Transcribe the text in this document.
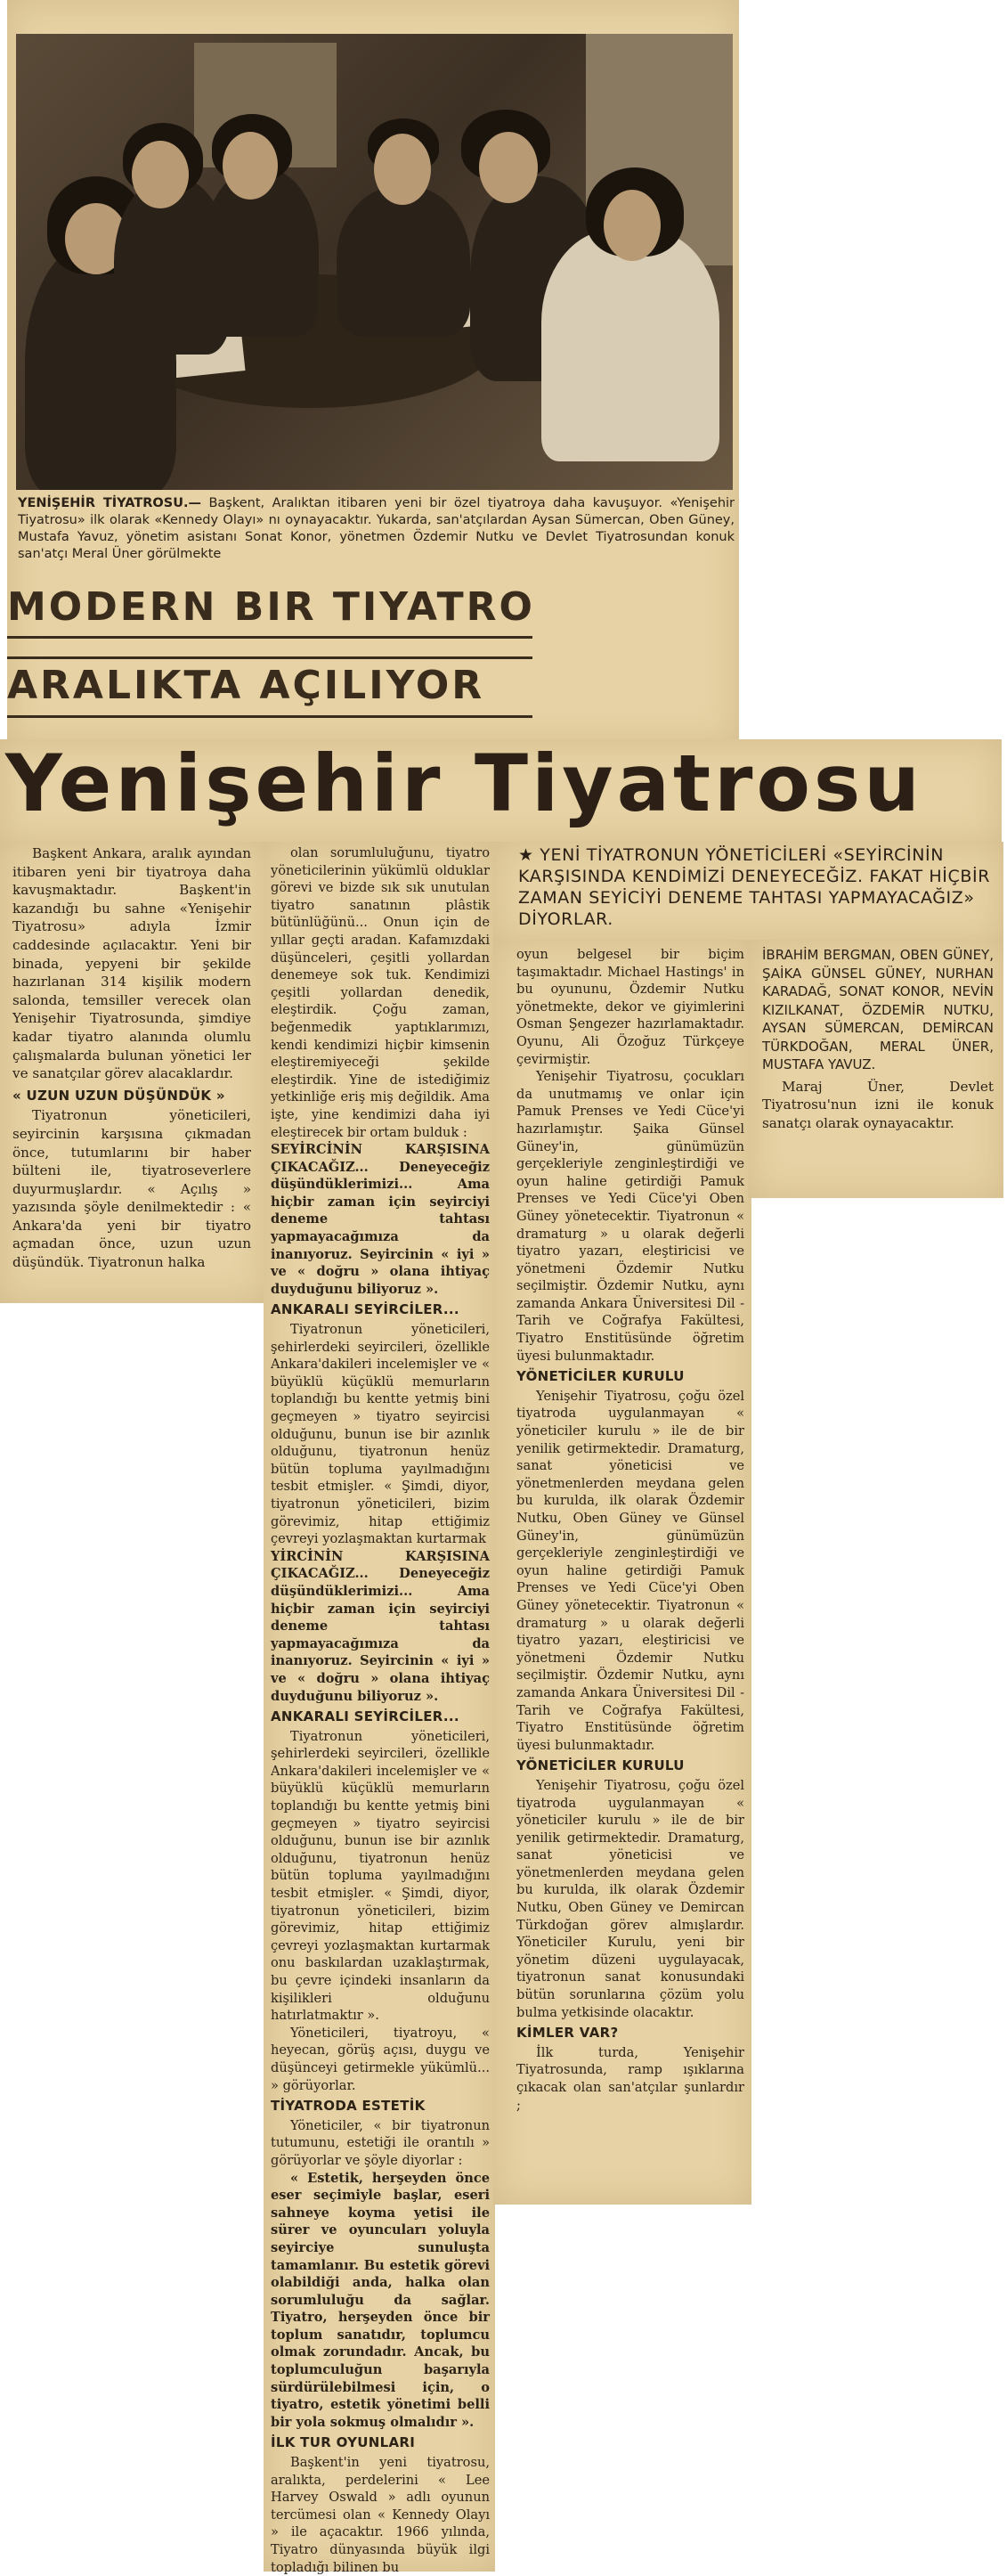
YENİŞEHİR TİYATROSU.— Başkent, Aralıktan itibaren yeni bir özel tiyatroya daha kavuşuyor. «Yenişehir Tiyatrosu» ilk olarak «Kennedy Olayı» nı oynayacaktır. Yukarda, san'atçılardan Aysan Sümercan, Oben Güney, Mustafa Yavuz, yönetim asistanı Sonat Konor, yönetmen Özdemir Nutku ve Devlet Tiyatrosundan konuk san'atçı Meral Üner görülmekte
MODERN BIR TIYATRO
ARALIKTA AÇILIYOR
Yenişehir Tiyatrosu
★ YENİ TİYATRONUN YÖNETİCİLERİ «SEYİRCİNİN KARŞISINDA KENDİMİZİ DENEYECEĞİZ. FAKAT HİÇBİR ZAMAN SEYİCİYİ DENEME TAHTASI YAPMAYACAĞIZ» DİYORLAR.

Başkent Ankara, aralık ayından itibaren yeni bir tiyatroya daha kavuşmaktadır. Başkent'in kazandığı bu sahne «Yenişehir Tiyatrosu» adıyla İzmir caddesinde açılacaktır. Yeni bir binada, yepyeni bir şekilde hazırlanan 314 kişilik modern salonda, temsiller verecek olan Yenişehir Tiyatrosunda, şimdiye kadar tiyatro alanında olumlu çalışmalarda bulunan yönetici ler ve sanatçılar görev alacaklardır.

« UZUN UZUN DÜŞÜNDÜK »

Tiyatronun yöneticileri, seyircinin karşısına çıkmadan önce, tutumlarını bir haber bülteni ile, tiyatroseverlere duyurmuşlardır. « Açılış » yazısında şöyle denilmektedir : « Ankara'da yeni bir tiyatro açmadan önce, uzun uzun düşündük. Tiyatronun halka

olan sorumluluğunu, tiyatro yöneticilerinin yükümlü olduklar görevi ve bizde sık sık unutulan tiyatro sanatının plâstik bütünlüğünü... Onun için de yıllar geçti aradan. Kafamızdaki düşünceleri, çeşitli yollardan denemeye sok tuk. Kendimizi çeşitli yollardan denedik, eleştirdik. Çoğu zaman, beğenmedik yaptıklarımızı, kendi kendimizi hiçbir kimsenin eleştiremiyeceği şekilde eleştirdik. Yine de istediğimiz yetkinliğe eriş miş değildik. Ama işte, yine kendimizi daha iyi eleştirecek bir ortam bulduk :

SEYİRCİNİN KARŞISINA ÇIKACAĞIZ... Deneyeceğiz düşündüklerimizi... Ama hiçbir zaman için seyirciyi deneme tahtası yapmayacağımıza da inanıyoruz. Seyircinin « iyi » ve « doğru » olana ihtiyaç duyduğunu biliyoruz ».

ANKARALI SEYİRCİLER...

Tiyatronun yöneticileri, şehirlerdeki seyircileri, özellikle Ankara'dakileri incelemişler ve « büyüklü küçüklü memurların toplandığı bu kentte yetmiş bini geçmeyen » tiyatro seyircisi olduğunu, bunun ise bir azınlık olduğunu, tiyatronun henüz bütün topluma yayılmadığını tesbit etmişler. « Şimdi, diyor, tiyatronun yöneticileri, bizim görevimiz, hitap ettiğimiz çevreyi yozlaşmaktan kurtarmak

YİRCİNİN KARŞISINA ÇIKACAĞIZ... Deneyeceğiz düşündüklerimizi... Ama hiçbir zaman için seyirciyi deneme tahtası yapmayacağımıza da inanıyoruz. Seyircinin « iyi » ve « doğru » olana ihtiyaç duyduğunu biliyoruz ».

ANKARALI SEYİRCİLER...

Tiyatronun yöneticileri, şehirlerdeki seyircileri, özellikle Ankara'dakileri incelemişler ve « büyüklü küçüklü memurların toplandığı bu kentte yetmiş bini geçmeyen » tiyatro seyircisi olduğunu, bunun ise bir azınlık olduğunu, tiyatronun henüz bütün topluma yayılmadığını tesbit etmişler. « Şimdi, diyor, tiyatronun yöneticileri, bizim görevimiz, hitap ettiğimiz çevreyi yozlaşmaktan kurtarmak onu baskılardan uzaklaştırmak, bu çevre içindeki insanların da kişilikleri olduğunu hatırlatmaktır ».

Yöneticileri, tiyatroyu, « heyecan, görüş açısı, duygu ve düşünceyi getirmekle yükümlü... » görüyorlar.

TİYATRODA ESTETİK

Yöneticiler, « bir tiyatronun tutumunu, estetiği ile orantılı » görüyorlar ve şöyle diyorlar :

« Estetik, herşeyden önce eser seçimiyle başlar, eseri sahneye koyma yetisi ile sürer ve oyuncuları yoluyla seyirciye sunuluşta tamamlanır. Bu estetik görevi olabildiği anda, halka olan sorumluluğu da sağlar. Tiyatro, herşeyden önce bir toplum sanatıdır, toplumcu olmak zorundadır. Ancak, bu toplumculuğun başarıyla sürdürülebilmesi için, o tiyatro, estetik yönetimi belli bir yola sokmuş olmalıdır ».

İLK TUR OYUNLARI

Başkent'in yeni tiyatrosu, aralıkta, perdelerini « Lee Harvey Oswald » adlı oyunun tercümesi olan « Kennedy Olayı » ile açacaktır. 1966 yılında, Tiyatro dünyasında büyük ilgi topladığı bilinen bu

oyun belgesel bir biçim taşımaktadır. Michael Hastings' in bu oyununu, Özdemir Nutku yönetmekte, dekor ve giyimlerini Osman Şengezer hazırlamaktadır. Oyunu, Ali Özoğuz Türkçeye çevirmiştir.

Yenişehir Tiyatrosu, çocukları da unutmamış ve onlar için Pamuk Prenses ve Yedi Cüce'yi hazırlamıştır. Şaika Günsel Güney'in, günümüzün gerçekleriyle zenginleştirdiği ve oyun haline getirdiği Pamuk Prenses ve Yedi Cüce'yi Oben Güney yönetecektir. Tiyatronun « dramaturg » u olarak değerli tiyatro yazarı, eleştiricisi ve yönetmeni Özdemir Nutku seçilmiştir. Özdemir Nutku, aynı zamanda Ankara Üniversitesi Dil - Tarih ve Coğrafya Fakültesi, Tiyatro Enstitüsünde öğretim üyesi bulunmaktadır.

YÖNETİCİLER KURULU

Yenişehir Tiyatrosu, çoğu özel tiyatroda uygulanmayan « yöneticiler kurulu » ile de bir yenilik getirmektedir. Dramaturg, sanat yöneticisi ve yönetmenlerden meydana gelen bu kurulda, ilk olarak Özdemir Nutku, Oben Güney ve Günsel Güney'in, günümüzün gerçekleriyle zenginleştirdiği ve oyun haline getirdiği Pamuk Prenses ve Yedi Cüce'yi Oben Güney yönetecektir. Tiyatronun « dramaturg » u olarak değerli tiyatro yazarı, eleştiricisi ve yönetmeni Özdemir Nutku seçilmiştir. Özdemir Nutku, aynı zamanda Ankara Üniversitesi Dil - Tarih ve Coğrafya Fakültesi, Tiyatro Enstitüsünde öğretim üyesi bulunmaktadır.

YÖNETİCİLER KURULU

Yenişehir Tiyatrosu, çoğu özel tiyatroda uygulanmayan « yöneticiler kurulu » ile de bir yenilik getirmektedir. Dramaturg, sanat yöneticisi ve yönetmenlerden meydana gelen bu kurulda, ilk olarak Özdemir Nutku, Oben Güney ve Demircan Türkdoğan görev almışlardır. Yöneticiler Kurulu, yeni bir yönetim düzeni uygulayacak, tiyatronun sanat konusundaki bütün sorunlarına çözüm yolu bulma yetkisinde olacaktır.

KİMLER VAR?

İlk turda, Yenişehir Tiyatrosunda, ramp ışıklarına çıkacak olan san'atçılar şunlardır ;

İBRAHİM BERGMAN, OBEN GÜNEY, ŞAİKA GÜNSEL GÜNEY, NURHAN KARADAĞ, SONAT KONOR, NEVİN KIZILKANAT, ÖZDEMİR NUTKU, AYSAN SÜMERCAN, DEMİRCAN TÜRKDOĞAN, MERAL ÜNER, MUSTAFA YAVUZ.

Maraj Üner, Devlet Tiyatrosu'nun izni ile konuk sanatçı olarak oynayacaktır.
